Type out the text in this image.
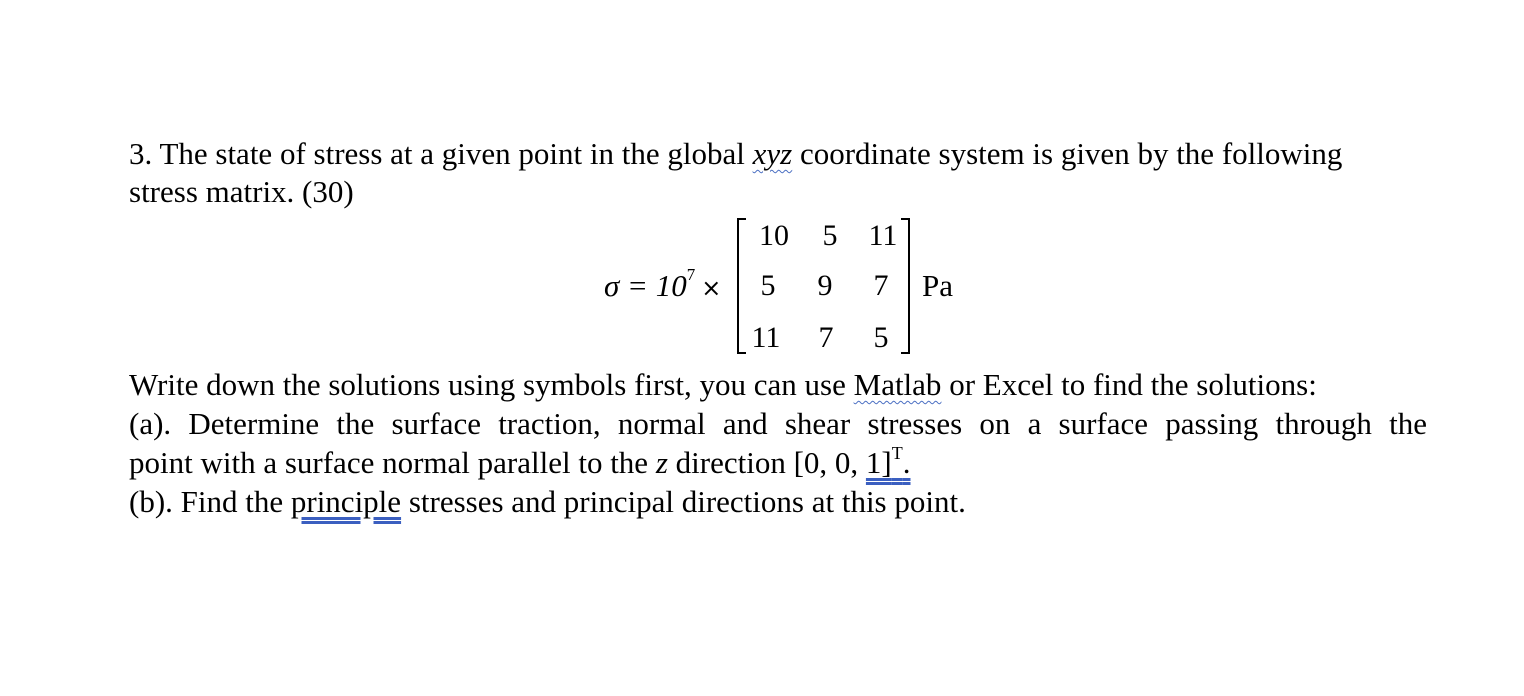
3. The state of stress at a given point in the global xyz coordinate system is given by the following
stress matrix. (30)
$\sigma = 10^7$ ×
10	5	11
5	9	7
11	7	5
Pa
Write down the solutions using symbols first, you can use Matlab or Excel to find the solutions:
(a). Determine the surface traction, normal and shear stresses on a surface passing through the
point with a surface normal parallel to the z direction [0, 0, 1]$^T$.
(b). Find the principle stresses and principal directions at this point.
